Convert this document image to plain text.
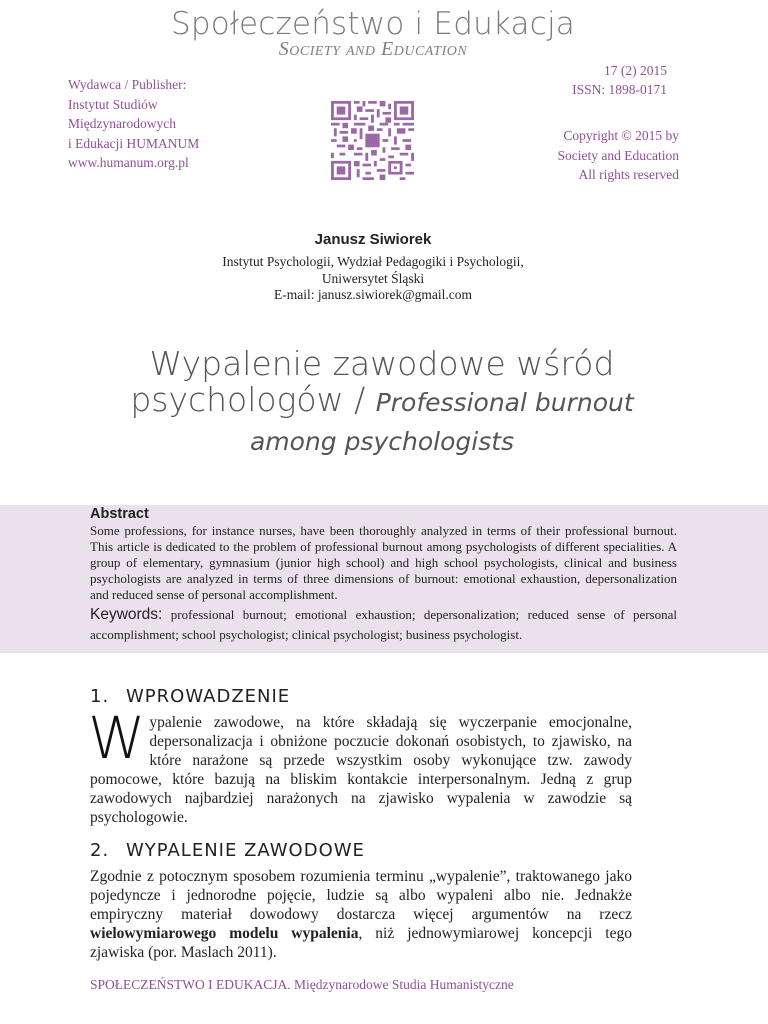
Społeczeństwo i Edukacja
Society and Education
Wydawca / Publisher:
Instytut Studiów
Międzynarodowych
i Edukacji HUMANUM
www.humanum.org.pl
17 (2) 2015
ISSN: 1898-0171
Copyright © 2015 by
Society and Education
All rights reserved
Janusz Siwiorek
Instytut Psychologii, Wydział Pedagogiki i Psychologii,
Uniwersytet Śląski
E-mail: janusz.siwiorek@gmail.com
Wypalenie zawodowe wśród psychologów / Professional burnout among psychologists
Abstract
Some professions, for instance nurses, have been thoroughly analyzed in terms of their professional burnout. This article is dedicated to the problem of professional burnout among psychologists of different specialities. A group of elementary, gymnasium (junior high school) and high school psychologists, clinical and business psychologists are analyzed in terms of three dimensions of burnout: emotional exhaustion, depersonalization and reduced sense of personal accomplishment.
Keywords: professional burnout; emotional exhaustion; depersonalization; reduced sense of personal accomplishment; school psychologist; clinical psychologist; business psychologist.
1. WPROWADZENIE
Wypalenie zawodowe, na które składają się wyczerpanie emocjonalne, depersonalizacja i obniżone poczucie dokonań osobistych, to zjawisko, na które narażone są przede wszystkim osoby wykonujące tzw. zawody pomocowe, które bazują na bliskim kontakcie interpersonalnym. Jedną z grup zawodowych najbardziej narażonych na zjawisko wypalenia w zawodzie są psychologowie.
2. WYPALENIE ZAWODOWE
Zgodnie z potocznym sposobem rozumienia terminu „wypalenie”, traktowanego jako pojedyncze i jednorodne pojęcie, ludzie są albo wypaleni albo nie. Jednakże empiryczny materiał dowodowy dostarcza więcej argumentów na rzecz wielowymiarowego modelu wypalenia, niż jednowymiarowej koncepcji tego zjawiska (por. Maslach 2011).
SPOŁECZEŃSTWO I EDUKACJA. Międzynarodowe Studia Humanistyczne
